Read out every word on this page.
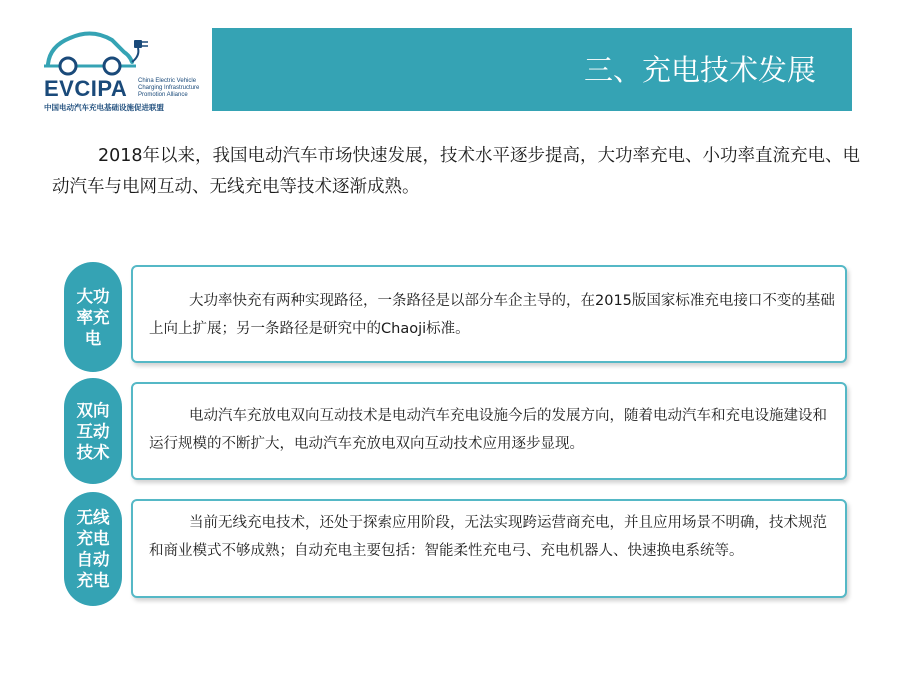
EVCIPA China Electric Vehicle
Charging Infrastructure
Promotion Alliance
中国电动汽车充电基础设施促进联盟
三、充电技术发展
2018年以来，我国电动汽车市场快速发展，技术水平逐步提高，大功率充电、小功率直流充电、电动汽车与电网互动、无线充电等技术逐渐成熟。
大功率充电
大功率快充有两种实现路径，一条路径是以部分车企主导的，在2015版国家标准充电接口不变的基础上向上扩展；另一条路径是研究中的Chaoji标准。
双向互动技术
电动汽车充放电双向互动技术是电动汽车充电设施今后的发展方向，随着电动汽车和充电设施建设和运行规模的不断扩大，电动汽车充放电双向互动技术应用逐步显现。
无线充电自动充电
当前无线充电技术，还处于探索应用阶段，无法实现跨运营商充电，并且应用场景不明确，技术规范和商业模式不够成熟；自动充电主要包括：智能柔性充电弓、充电机器人、快速换电系统等。
